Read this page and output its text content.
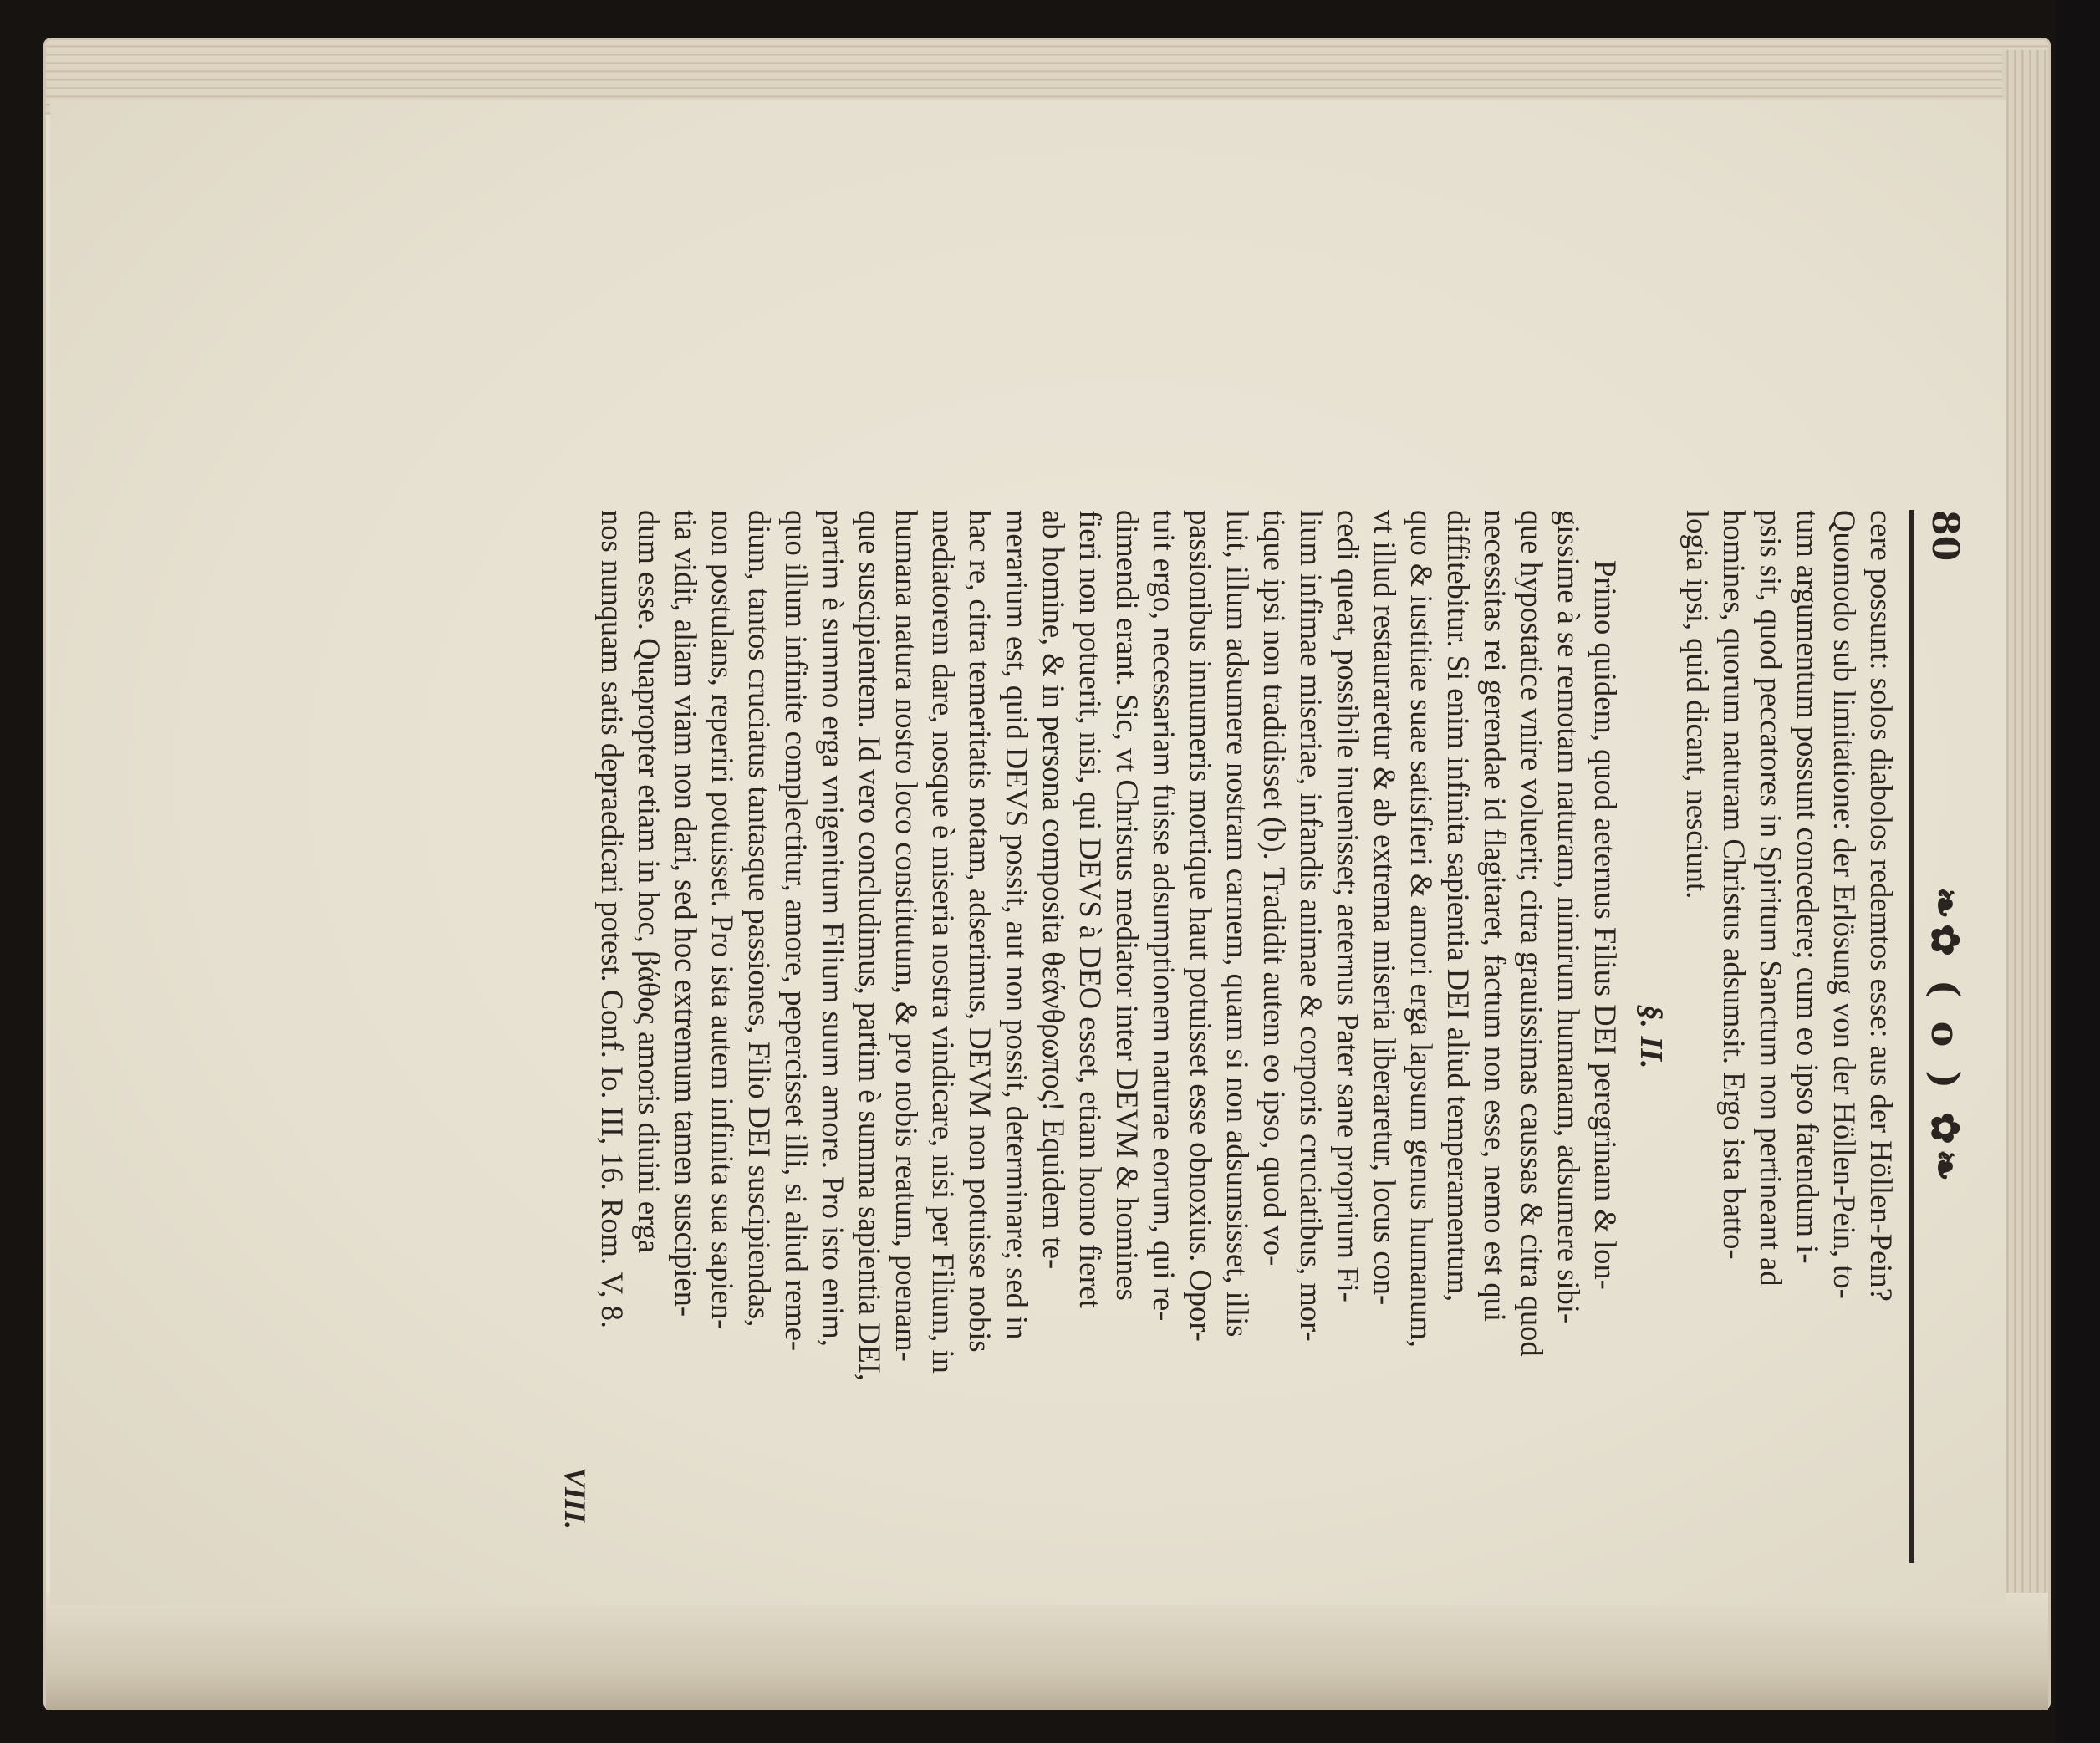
80
❧✿ ( o ) ✿❧
cere possunt: solos diabolos redemtos esse: aus der Höllen-Pein?
Quomodo sub limitatione: der Erlösung von der Höllen-Pein, to-
tum argumentum possunt concedere; cum eo ipso fatendum i-
psis sit, quod peccatores in Spiritum Sanctum non pertineant ad
homines, quorum naturam Christus adsumsit. Ergo ista batto-
logia ipsi, quid dicant, nesciunt.
§. II.
Primo quidem, quod aeternus Filius DEI peregrinam & lon-
gissime à se remotam naturam, nimirum humanam, adsumere sibi-
que hypostatice vnire voluerit; citra grauissimas caussas & citra quod
necessitas rei gerendae id flagitaret, factum non esse, nemo est qui
diffitebitur. Si enim infinita sapientia DEI aliud temperamentum,
quo & iustitiae suae satisfieri & amori erga lapsum genus humanum,
vt illud restauraretur & ab extrema miseria liberaretur, locus con-
cedi queat, possibile inuenisset; aeternus Pater sane proprium Fi-
lium infimae miseriae, infandis animae & corporis cruciatibus, mor-
tique ipsi non tradidisset (b). Tradidit autem eo ipso, quod vo-
luit, illum adsumere nostram carnem, quam si non adsumsisset, illis
passionibus innumeris mortique haut potuisset esse obnoxius. Opor-
tuit ergo, necessariam fuisse adsumptionem naturae eorum, qui re-
dimendi erant. Sic, vt Christus mediator inter DEVM & homines
fieri non potuerit, nisi, qui DEVS à DEO esset, etiam homo fieret
ab homine, & in persona composita θεάνθρωπος! Equidem te-
merarium est, quid DEVS possit, aut non possit, determinare; sed in
hac re, citra temeritatis notam, adserimus, DEVM non potuisse nobis
mediatorem dare, nosque è miseria nostra vindicare, nisi per Filium, in
humana natura nostro loco constitutum, & pro nobis reatum, poenam-
que suscipientem. Id vero concludimus, partim è summa sapientia DEI,
partim è summo erga vnigenitum Filium suum amore. Pro isto enim,
quo illum infinite complectitur, amore, pepercisset illi, si aliud reme-
dium, tantos cruciatus tantasque passiones, Filio DEI suscipiendas,
non postulans, reperiri potuisset. Pro ista autem infinita sua sapien-
tia vidit, aliam viam non dari, sed hoc extremum tamen suscipien-
dum esse. Quapropter etiam in hoc, βάθος amoris diuini erga
nos nunquam satis depraedicari potest. Conf. Io. III, 16. Rom. V, 8.
VIII.
